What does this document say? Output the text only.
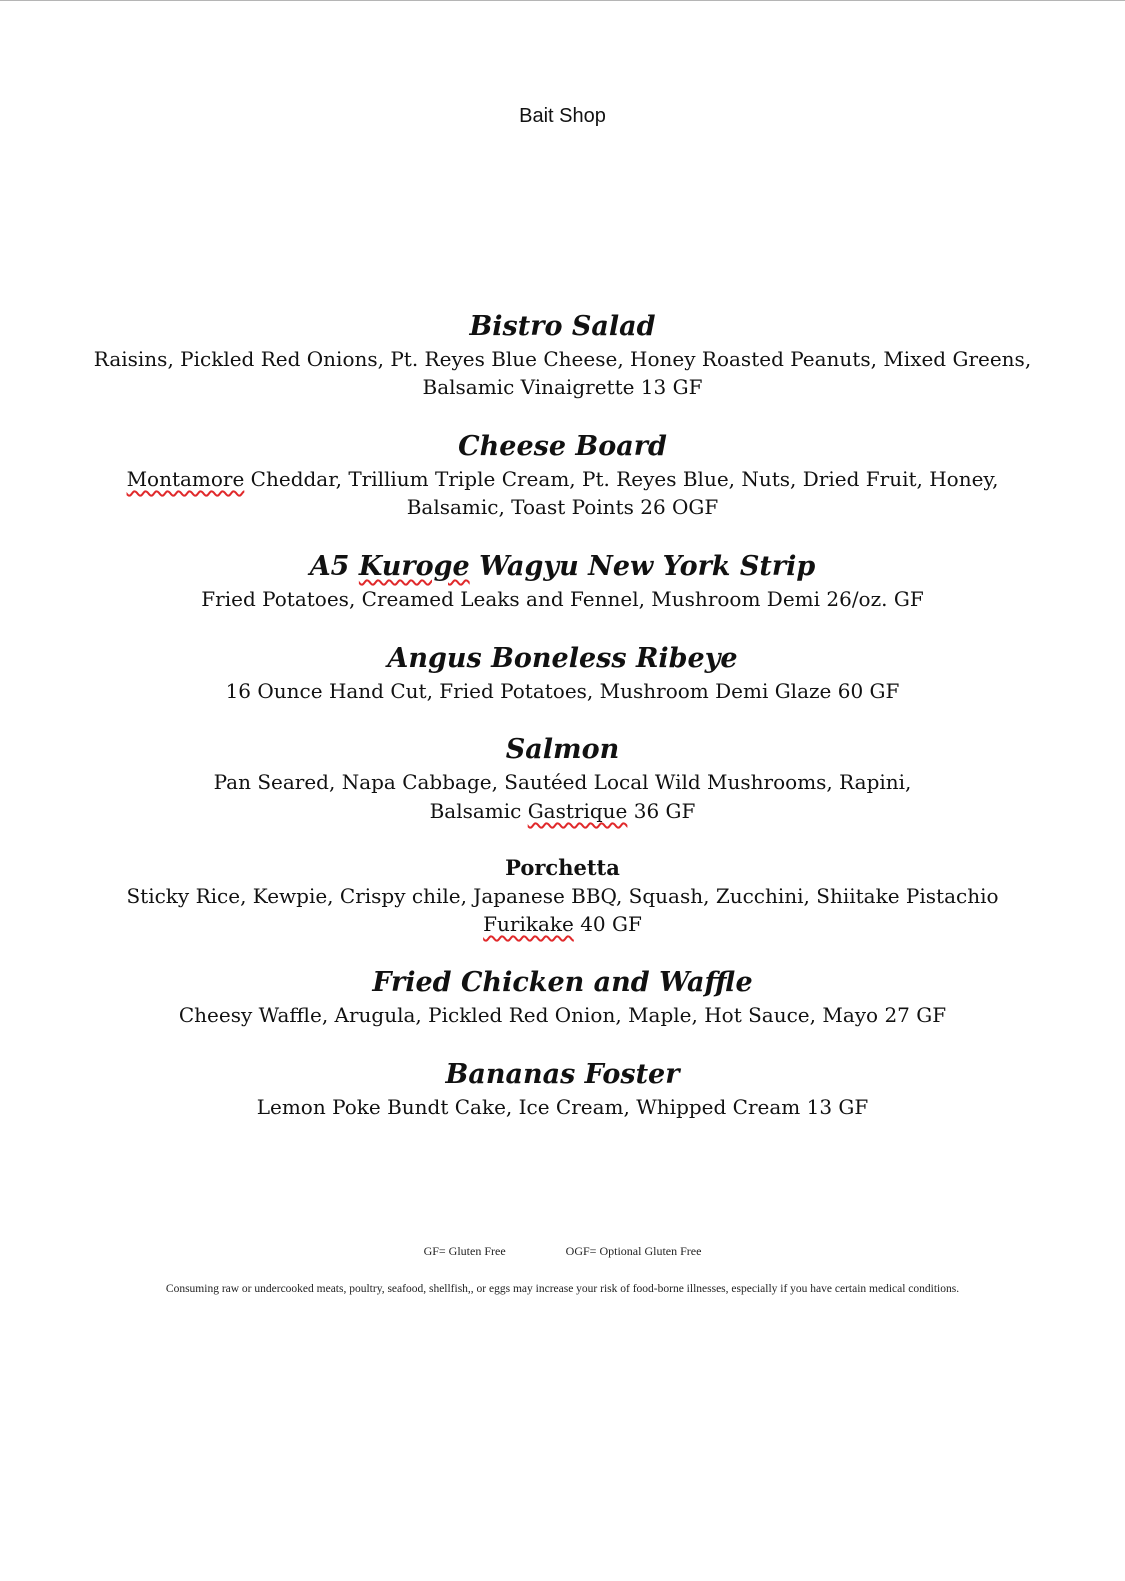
Bait Shop
Bistro Salad
Raisins, Pickled Red Onions, Pt. Reyes Blue Cheese, Honey Roasted Peanuts, Mixed Greens,
Balsamic Vinaigrette 13 GF
Cheese Board
Montamore Cheddar, Trillium Triple Cream, Pt. Reyes Blue, Nuts, Dried Fruit, Honey,
Balsamic, Toast Points 26 OGF
A5 Kuroge Wagyu New York Strip
Fried Potatoes, Creamed Leaks and Fennel, Mushroom Demi 26/oz. GF
Angus Boneless Ribeye
16 Ounce Hand Cut, Fried Potatoes, Mushroom Demi Glaze 60 GF
Salmon
Pan Seared, Napa Cabbage, Sautéed Local Wild Mushrooms, Rapini,
Balsamic Gastrique 36 GF
Porchetta
Sticky Rice, Kewpie, Crispy chile, Japanese BBQ, Squash, Zucchini, Shiitake Pistachio
Furikake 40 GF
Fried Chicken and Waffle
Cheesy Waffle, Arugula, Pickled Red Onion, Maple, Hot Sauce, Mayo 27 GF
Bananas Foster
Lemon Poke Bundt Cake, Ice Cream, Whipped Cream 13 GF
GF= Gluten Free	OGF= Optional Gluten Free
Consuming raw or undercooked meats, poultry, seafood, shellfish,, or eggs may increase your risk of food-borne illnesses, especially if you have certain medical conditions.
